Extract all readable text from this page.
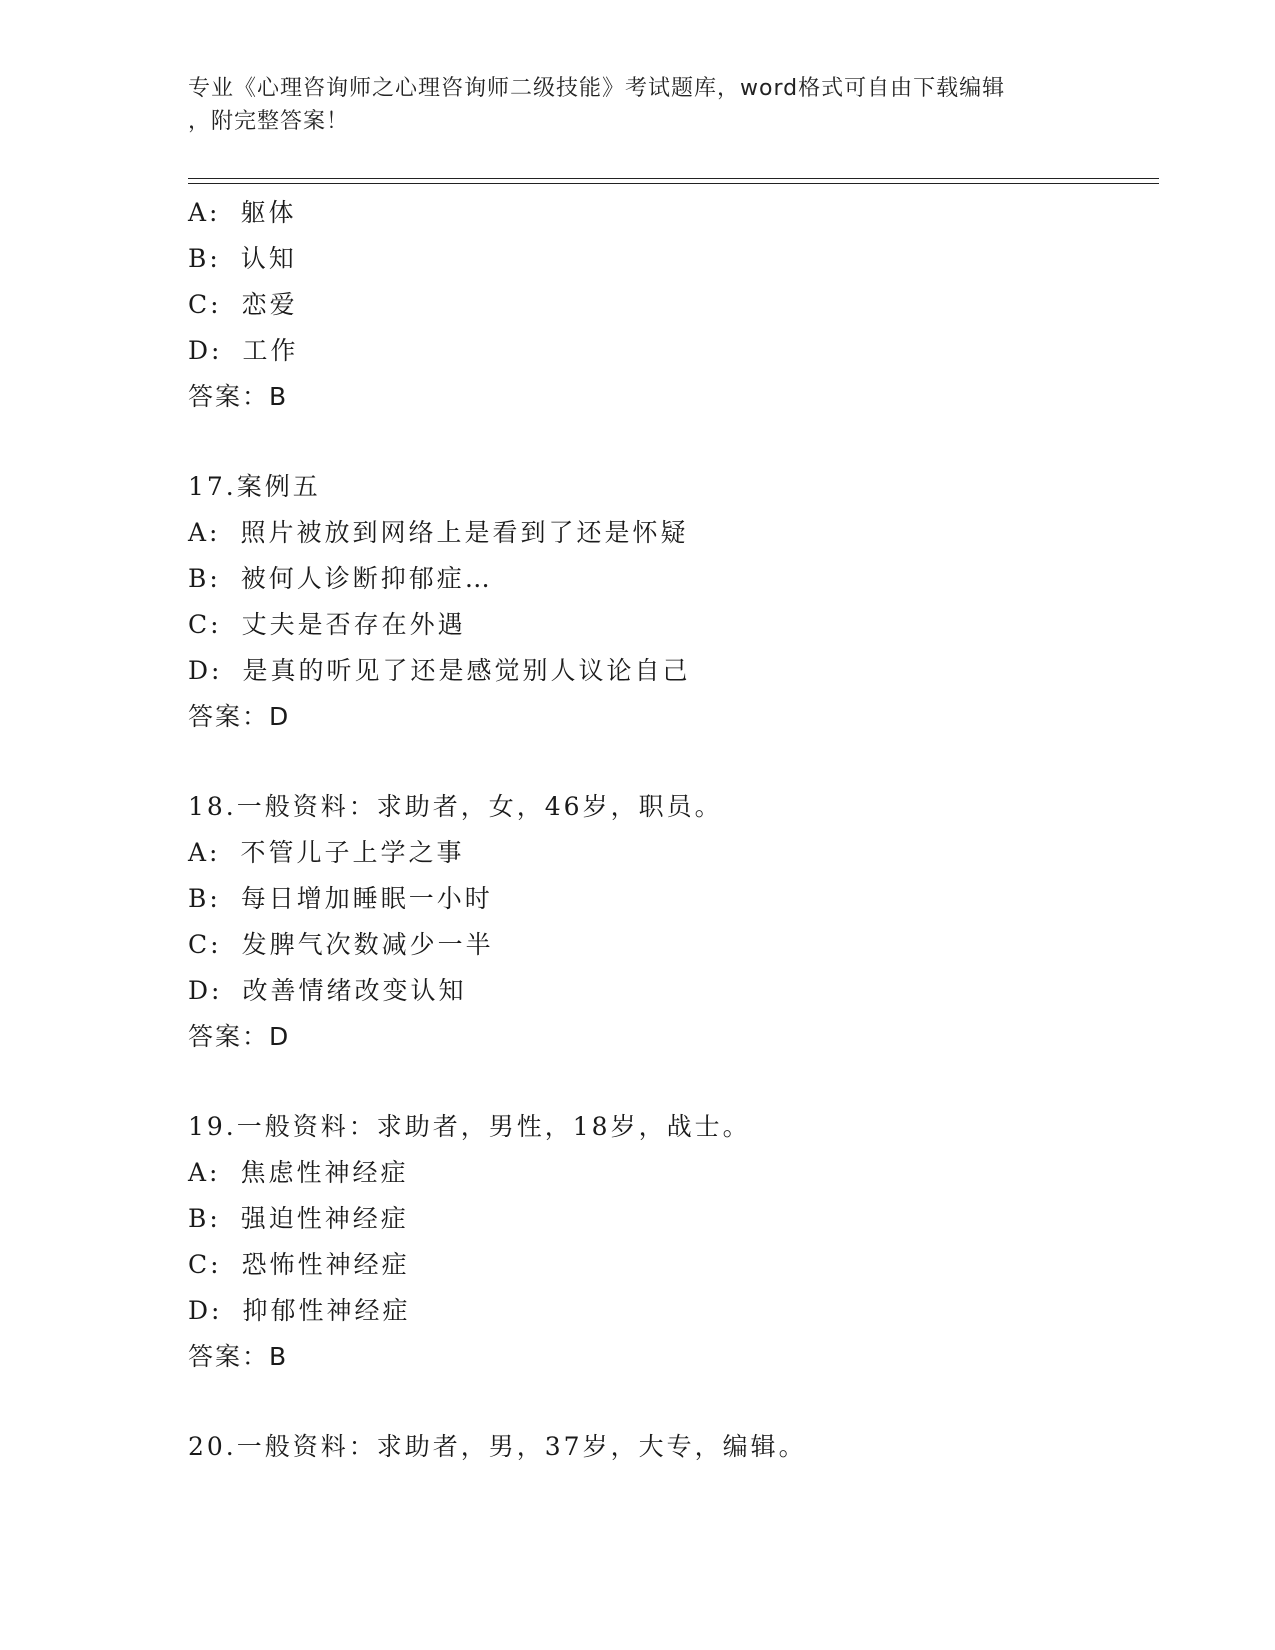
专业《心理咨询师之心理咨询师二级技能》考试题库，word格式可自由下载编辑
，附完整答案！
A: 躯体
B: 认知
C: 恋爱
D: 工作
答案：B
17.案例五
A: 照片被放到网络上是看到了还是怀疑
B: 被何人诊断抑郁症…
C: 丈夫是否存在外遇
D: 是真的听见了还是感觉别人议论自己
答案：D
18.一般资料：求助者，女，46岁，职员。
A: 不管儿子上学之事
B: 每日增加睡眠一小时
C: 发脾气次数减少一半
D: 改善情绪改变认知
答案：D
19.一般资料：求助者，男性，18岁，战士。
A: 焦虑性神经症
B: 强迫性神经症
C: 恐怖性神经症
D: 抑郁性神经症
答案：B
20.一般资料：求助者，男，37岁，大专，编辑。
